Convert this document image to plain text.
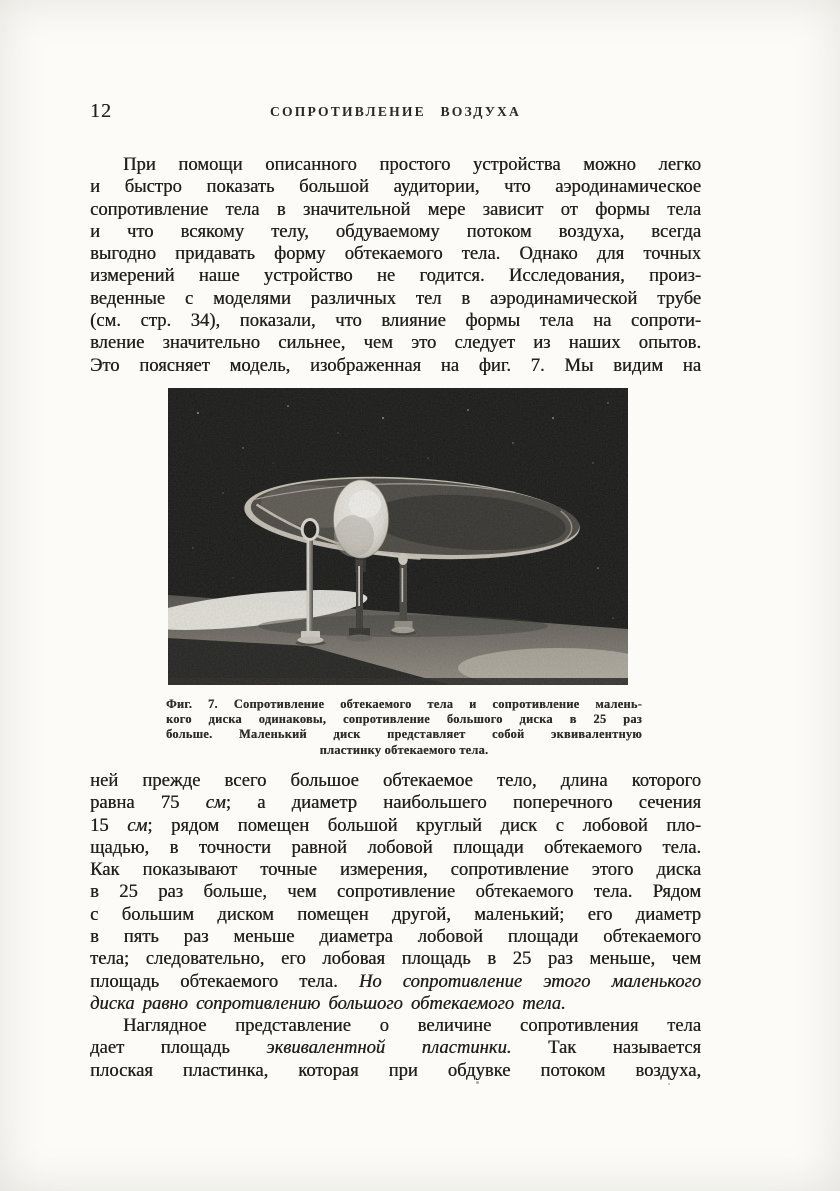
12	СОПРОТИВЛЕНИЕ ВОЗДУХА
При помощи описанного простого устройства можно легко
и быстро показать большой аудитории, что аэродинамическое
сопротивление тела в значительной мере зависит от формы тела
и что всякому телу, обдуваемому потоком воздуха, всегда
выгодно придавать форму обтекаемого тела. Однако для точных
измерений наше устройство не годится. Исследования, произ-
веденные с моделями различных тел в аэродинамической трубе
(см. стр. 34), показали, что влияние формы тела на сопроти-
вление значительно сильнее, чем это следует из наших опытов.
Это поясняет модель, изображенная на фиг. 7. Мы видим на
Фиг. 7. Сопротивление обтекаемого тела и сопротивление малень-
кого диска одинаковы, сопротивление большого диска в 25 раз
больше. Маленький диск представляет собой эквивалентную
пластинку обтекаемого тела.
ней прежде всего большое обтекаемое тело, длина которого
равна 75 см; а диаметр наибольшего поперечного сечения
15 см; рядом помещен большой круглый диск с лобовой пло-
щадью, в точности равной лобовой площади обтекаемого тела.
Как показывают точные измерения, сопротивление этого диска
в 25 раз больше, чем сопротивление обтекаемого тела. Рядом
с большим диском помещен другой, маленький; его диаметр
в пять раз меньше диаметра лобовой площади обтекаемого
тела; следовательно, его лобовая площадь в 25 раз меньше, чем
площадь обтекаемого тела. Но сопротивление этого маленького
диска равно сопротивлению большого обтекаемого тела.
Наглядное представление о величине сопротивления тела
дает площадь эквивалентной пластинки. Так называется
плоская пластинка, которая при обдувке потоком воздуха,
